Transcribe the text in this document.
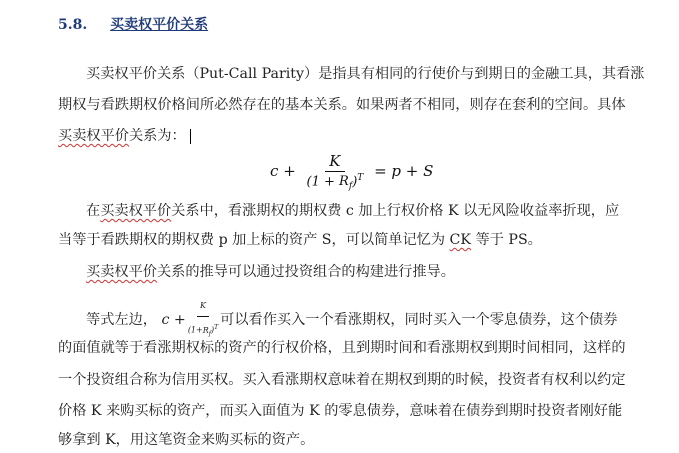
5.8. 买卖权平价关系
买卖权平价关系（Put-Call Parity）是指具有相同的行使价与到期日的金融工具，其看涨
期权与看跌期权价格间所必然存在的基本关系。如果两者不相同，则存在套利的空间。具体
买卖权平价关系为：
$c + \frac{K}{(1 + R_f)^T} = p + S$
在买卖权平价关系中，看涨期权的期权费 c 加上行权价格 K 以无风险收益率折现，应
当等于看跌期权的期权费 p 加上标的资产 S，可以简单记忆为 CK 等于 PS。
买卖权平价关系的推导可以通过投资组合的构建进行推导。
等式左边， $c + \frac{K}{(1+R_f)^T}$ 可以看作买入一个看涨期权，同时买入一个零息债券，这个债券
的面值就等于看涨期权标的资产的行权价格，且到期时间和看涨期权到期时间相同，这样的
一个投资组合称为信用买权。买入看涨期权意味着在期权到期的时候，投资者有权利以约定
价格 K 来购买标的资产，而买入面值为 K 的零息债券，意味着在债券到期时投资者刚好能
够拿到 K，用这笔资金来购买标的资产。
